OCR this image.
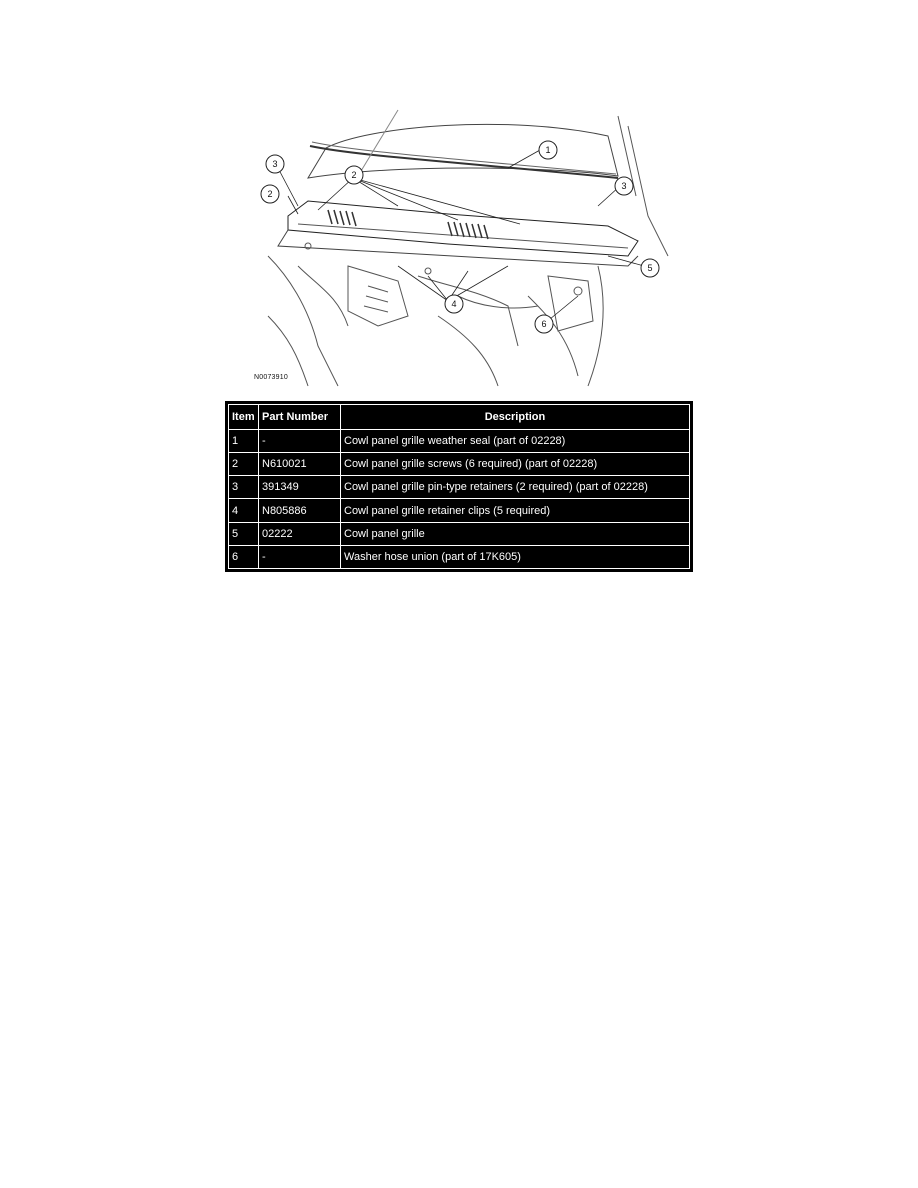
1
2
2
3
3
4
5
6
N0073910
Item	Part Number	Description
1	-	Cowl panel grille weather seal (part of 02228)
2	N610021	Cowl panel grille screws (6 required) (part of 02228)
3	391349	Cowl panel grille pin-type retainers (2 required) (part of 02228)
4	N805886	Cowl panel grille retainer clips (5 required)
5	02222	Cowl panel grille
6	-	Washer hose union (part of 17K605)
